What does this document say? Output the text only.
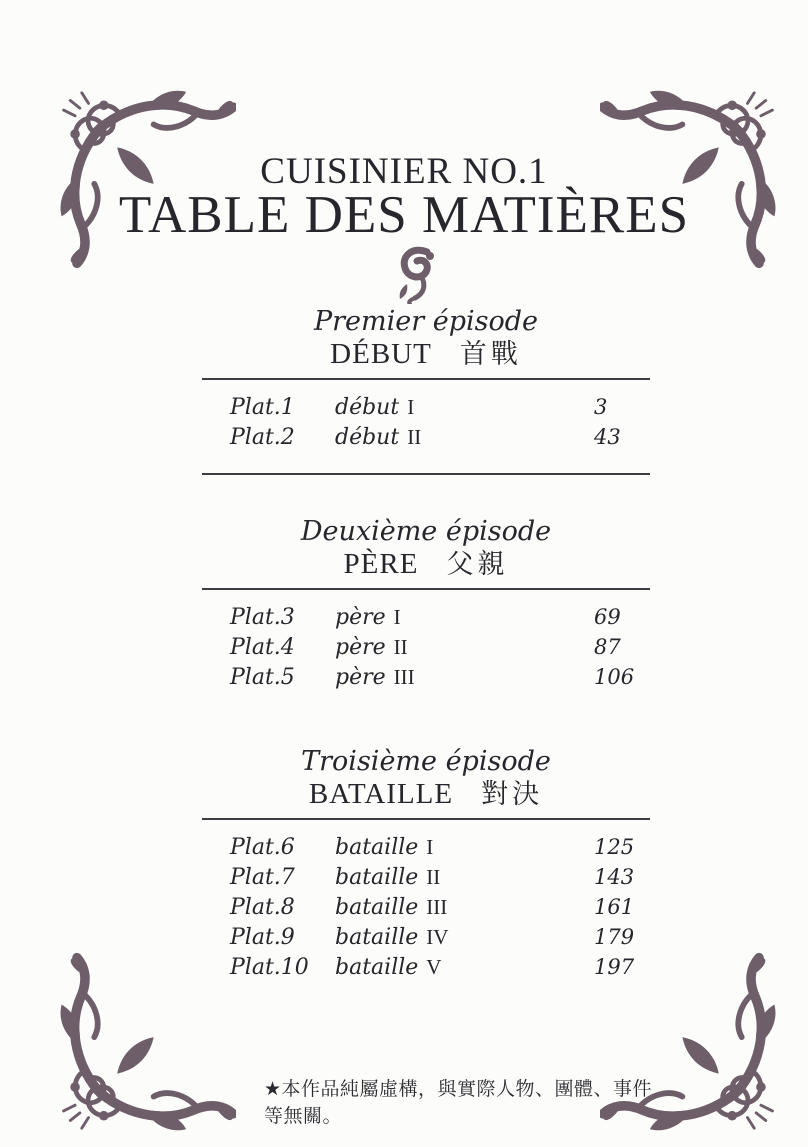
CUISINIER NO.1
TABLE DES MATIÈRES
Premier épisode
DÉBUT 首戰
Plat.1	début I	3
Plat.2	début II	43
Deuxième épisode
PÈRE 父親
Plat.3	père I	69
Plat.4	père II	87
Plat.5	père III	106
Troisième épisode
BATAILLE 對決
Plat.6	bataille I	125
Plat.7	bataille II	143
Plat.8	bataille III	161
Plat.9	bataille IV	179
Plat.10	bataille V	197
★本作品純屬虛構，與實際人物、團體、事件等無關。
